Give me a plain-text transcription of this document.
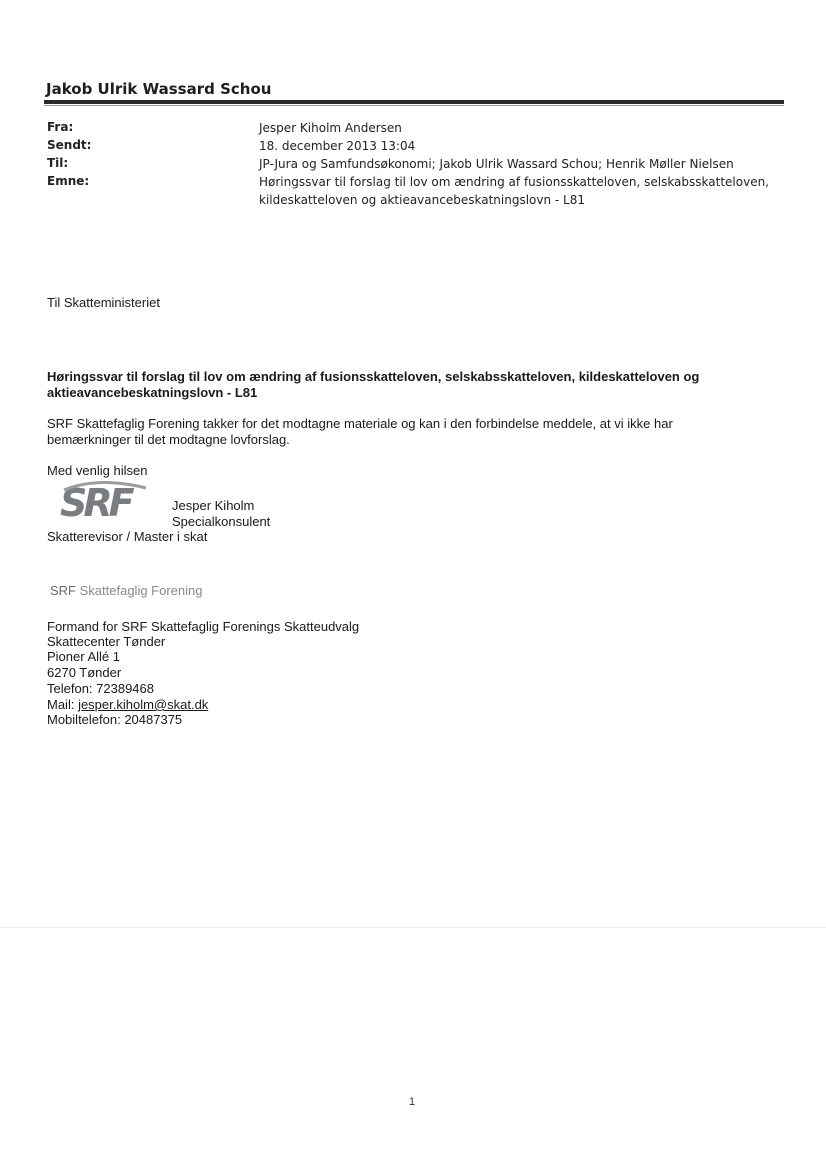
Jakob Ulrik Wassard Schou
Fra:	Jesper Kiholm Andersen
Sendt:	18. december 2013 13:04
Til:	JP-Jura og Samfundsøkonomi; Jakob Ulrik Wassard Schou; Henrik Møller Nielsen
Emne:	Høringssvar til forslag til lov om ændring af fusionsskatteloven, selskabsskatteloven,
kildeskatteloven og aktieavancebeskatningslovn - L81
Til Skatteministeriet
Høringssvar til forslag til lov om ændring af fusionsskatteloven, selskabsskatteloven, kildeskatteloven og
aktieavancebeskatningslovn - L81
SRF Skattefaglig Forening takker for det modtagne materiale og kan i den forbindelse meddele, at vi ikke har
bemærkninger til det modtagne lovforslag.
Med venlig hilsen
SRF	Jesper Kiholm
Specialkonsulent
Skatterevisor / Master i skat
SRF Skattefaglig Forening
Formand for SRF Skattefaglig Forenings Skatteudvalg
Skattecenter Tønder
Pioner Allé 1
6270 Tønder
Telefon: 72389468
Mail: jesper.kiholm@skat.dk
Mobiltelefon: 20487375
1
